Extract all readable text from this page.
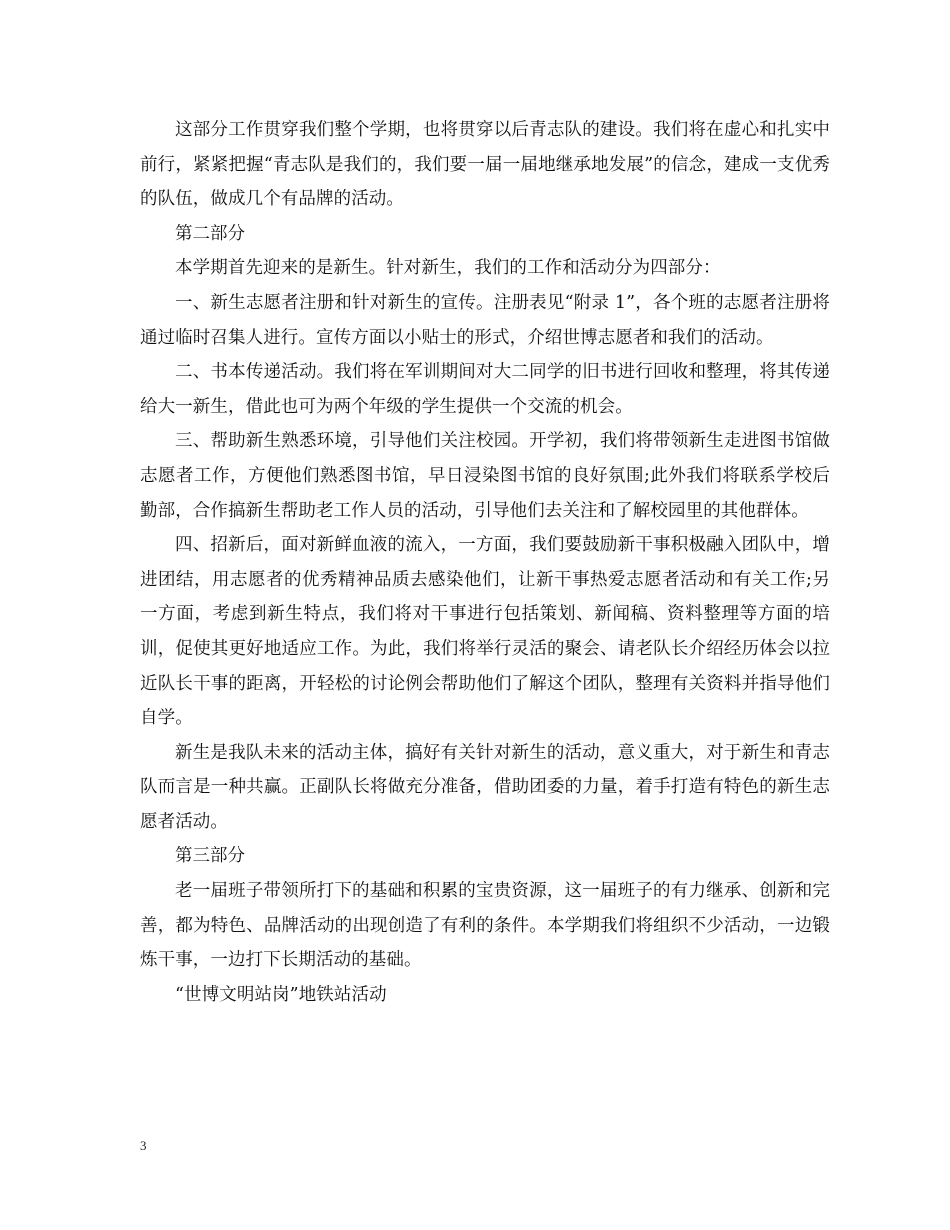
这部分工作贯穿我们整个学期，也将贯穿以后青志队的建设。我们将在虚心和扎实中前行，紧紧把握“青志队是我们的，我们要一届一届地继承地发展”的信念，建成一支优秀的队伍，做成几个有品牌的活动。

第二部分

本学期首先迎来的是新生。针对新生，我们的工作和活动分为四部分：

一、新生志愿者注册和针对新生的宣传。注册表见“附录 1”，各个班的志愿者注册将通过临时召集人进行。宣传方面以小贴士的形式，介绍世博志愿者和我们的活动。

二、书本传递活动。我们将在军训期间对大二同学的旧书进行回收和整理，将其传递给大一新生，借此也可为两个年级的学生提供一个交流的机会。

三、帮助新生熟悉环境，引导他们关注校园。开学初，我们将带领新生走进图书馆做志愿者工作，方便他们熟悉图书馆，早日浸染图书馆的良好氛围;此外我们将联系学校后勤部，合作搞新生帮助老工作人员的活动，引导他们去关注和了解校园里的其他群体。

四、招新后，面对新鲜血液的流入，一方面，我们要鼓励新干事积极融入团队中，增进团结，用志愿者的优秀精神品质去感染他们，让新干事热爱志愿者活动和有关工作;另一方面，考虑到新生特点，我们将对干事进行包括策划、新闻稿、资料整理等方面的培训，促使其更好地适应工作。为此，我们将举行灵活的聚会、请老队长介绍经历体会以拉近队长干事的距离，开轻松的讨论例会帮助他们了解这个团队，整理有关资料并指导他们自学。

新生是我队未来的活动主体，搞好有关针对新生的活动，意义重大，对于新生和青志队而言是一种共赢。正副队长将做充分准备，借助团委的力量，着手打造有特色的新生志愿者活动。

第三部分

老一届班子带领所打下的基础和积累的宝贵资源，这一届班子的有力继承、创新和完善，都为特色、品牌活动的出现创造了有利的条件。本学期我们将组织不少活动，一边锻炼干事，一边打下长期活动的基础。

“世博文明站岗”地铁站活动

3
